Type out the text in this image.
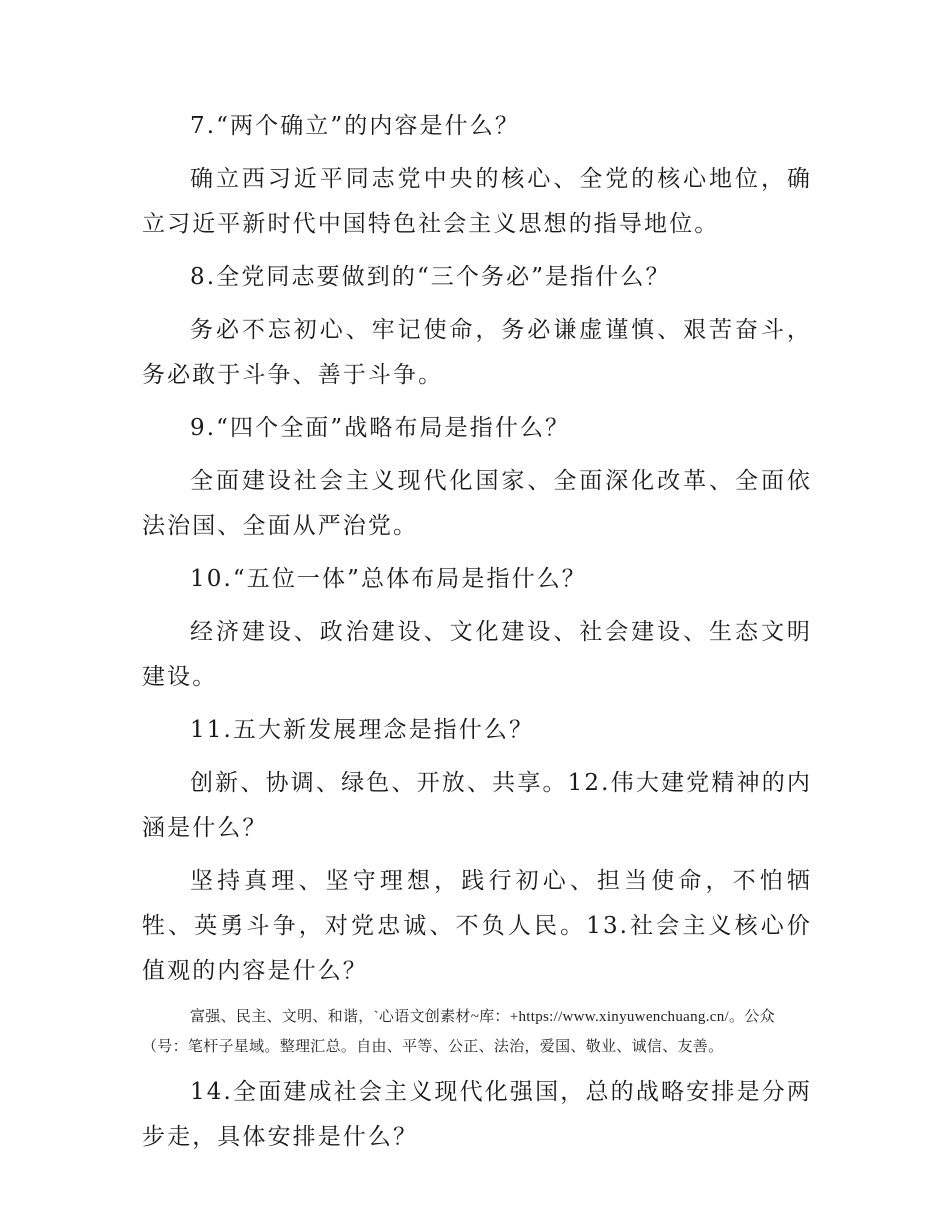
7.“两个确立”的内容是什么？

确立西习近平同志党中央的核心、全党的核心地位，确立习近平新时代中国特色社会主义思想的指导地位。

8.全党同志要做到的“三个务必”是指什么？

务必不忘初心、牢记使命，务必谦虚谨慎、艰苦奋斗，务必敢于斗争、善于斗争。

9.“四个全面”战略布局是指什么？

全面建设社会主义现代化国家、全面深化改革、全面依法治国、全面从严治党。

10.“五位一体”总体布局是指什么？

经济建设、政治建设、文化建设、社会建设、生态文明建设。

11.五大新发展理念是指什么？

创新、协调、绿色、开放、共享。12.伟大建党精神的内涵是什么？

坚持真理、坚守理想，践行初心、担当使命，不怕牺牲、英勇斗争，对党忠诚、不负人民。13.社会主义核心价值观的内容是什么？

富强、民主、文明、和谐，`心语文创素材~库：+https://www.xinyuwenchuang.cn/。公众（号：笔杆子星域。整理汇总。自由、平等、公正、法治，爱国、敬业、诚信、友善。

14.全面建成社会主义现代化强国，总的战略安排是分两步走，具体安排是什么？
